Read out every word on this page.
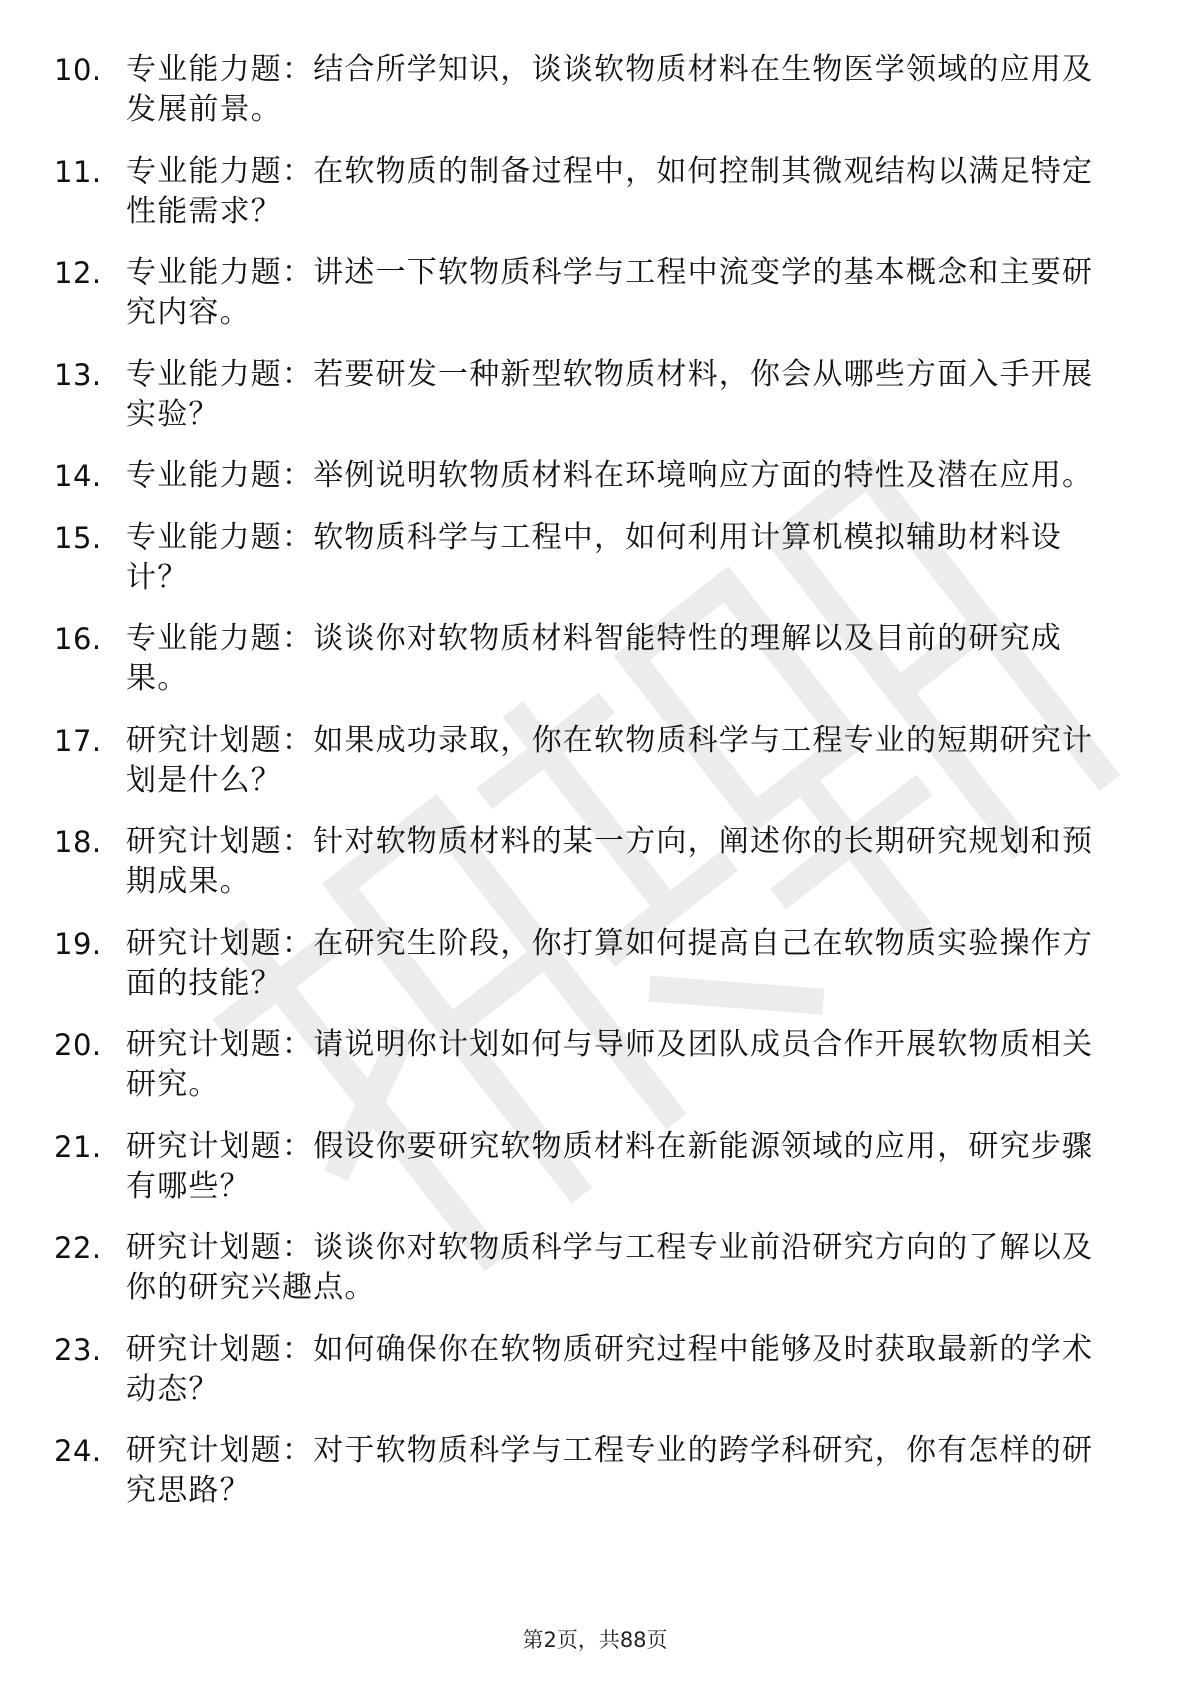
10. 专业能力题：结合所学知识，谈谈软物质材料在生物医学领域的应用及发展前景。
11. 专业能力题：在软物质的制备过程中，如何控制其微观结构以满足特定性能需求？
12. 专业能力题：讲述一下软物质科学与工程中流变学的基本概念和主要研究内容。
13. 专业能力题：若要研发一种新型软物质材料，你会从哪些方面入手开展实验？
14. 专业能力题：举例说明软物质材料在环境响应方面的特性及潜在应用。
15. 专业能力题：软物质科学与工程中，如何利用计算机模拟辅助材料设计？
16. 专业能力题：谈谈你对软物质材料智能特性的理解以及目前的研究成果。
17. 研究计划题：如果成功录取，你在软物质科学与工程专业的短期研究计划是什么？
18. 研究计划题：针对软物质材料的某一方向，阐述你的长期研究规划和预期成果。
19. 研究计划题：在研究生阶段，你打算如何提高自己在软物质实验操作方面的技能？
20. 研究计划题：请说明你计划如何与导师及团队成员合作开展软物质相关研究。
21. 研究计划题：假设你要研究软物质材料在新能源领域的应用，研究步骤有哪些？
22. 研究计划题：谈谈你对软物质科学与工程专业前沿研究方向的了解以及你的研究兴趣点。
23. 研究计划题：如何确保你在软物质研究过程中能够及时获取最新的学术动态？
24. 研究计划题：对于软物质科学与工程专业的跨学科研究，你有怎样的研究思路？
第2页，共88页
